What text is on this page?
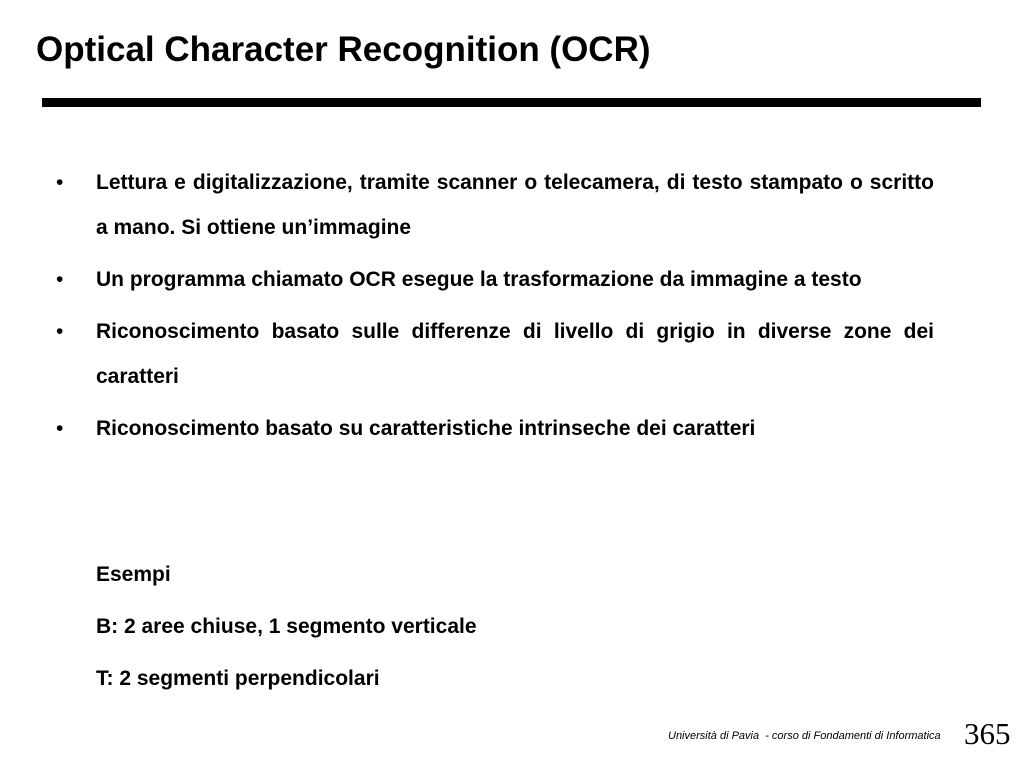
Optical Character Recognition (OCR)
• Lettura e digitalizzazione, tramite scanner o telecamera, di testo stampato o scritto a mano. Si ottiene un’immagine
• Un programma chiamato OCR esegue la trasformazione da immagine a testo
• Riconoscimento basato sulle differenze di livello di grigio in diverse zone dei caratteri
• Riconoscimento basato su caratteristiche intrinseche dei caratteri
Esempi
B: 2 aree chiuse, 1 segmento verticale
T: 2 segmenti perpendicolari
Università di Pavia  - corso di Fondamenti di Informatica 365
